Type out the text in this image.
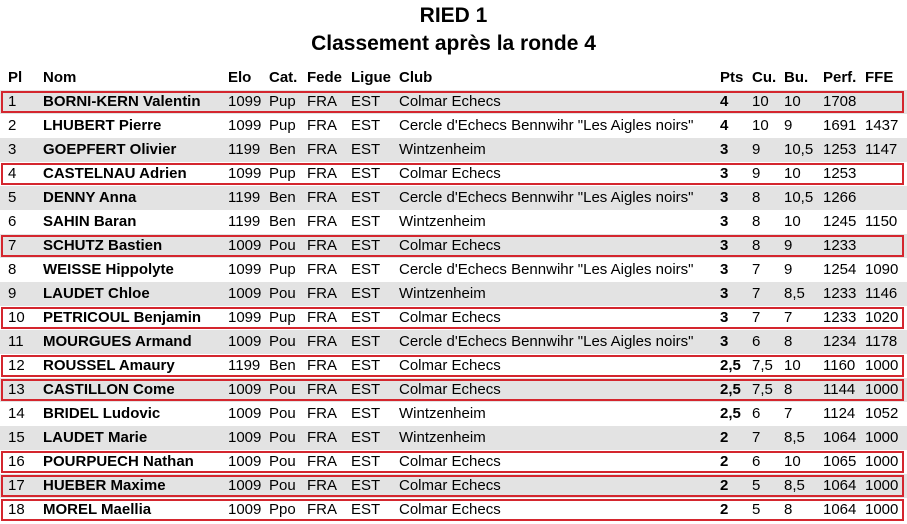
RIED 1
Classement après la ronde 4
Pl Nom	Elo Cat. Fede Ligue Club	Pts Cu. Bu. Perf. FFE
1 BORNI-KERN Valentin 1099 Pup FRA EST Colmar Echecs	4 10 10 1708
2 LHUBERT Pierre	1099 Pup FRA EST Cercle d'Echecs Bennwihr "Les Aigles noirs" 4 10 9 1691 1437
3 GOEPFERT Olivier	1199 Ben FRA EST Wintzenheim	3 9 10,5 1253 1147
4 CASTELNAU Adrien	1099 Pup FRA EST Colmar Echecs	3 9 10 1253
5 DENNY Anna	1199 Ben FRA EST Cercle d'Echecs Bennwihr "Les Aigles noirs" 3 8 10,5 1266
6 SAHIN Baran	1199 Ben FRA EST Wintzenheim	3 8 10 1245 1150
7 SCHUTZ Bastien	1009 Pou FRA EST Colmar Echecs	3 8 9 1233
8 WEISSE Hippolyte	1099 Pup FRA EST Cercle d'Echecs Bennwihr "Les Aigles noirs" 3 7 9 1254 1090
9 LAUDET Chloe	1009 Pou FRA EST Wintzenheim	3 7 8,5 1233 1146
10 PETRICOUL Benjamin 1099 Pup FRA EST Colmar Echecs	3 7 7 1233 1020
11 MOURGUES Armand 1009 Pou FRA EST Cercle d'Echecs Bennwihr "Les Aigles noirs" 3 6 8 1234 1178
12 ROUSSEL Amaury	1199 Ben FRA EST Colmar Echecs	2,5 7,5 10 1160 1000
13 CASTILLON Come	1009 Pou FRA EST Colmar Echecs	2,5 7,5 8 1144 1000
14 BRIDEL Ludovic	1009 Pou FRA EST Wintzenheim	2,5 6 7 1124 1052
15 LAUDET Marie	1009 Pou FRA EST Wintzenheim	2 7 8,5 1064 1000
16 POURPUECH Nathan 1009 Pou FRA EST Colmar Echecs	2 6 10 1065 1000
17 HUEBER Maxime	1009 Pou FRA EST Colmar Echecs	2 5 8,5 1064 1000
18 MOREL Maellia	1009 Ppo FRA EST Colmar Echecs	2 5 8 1064 1000
